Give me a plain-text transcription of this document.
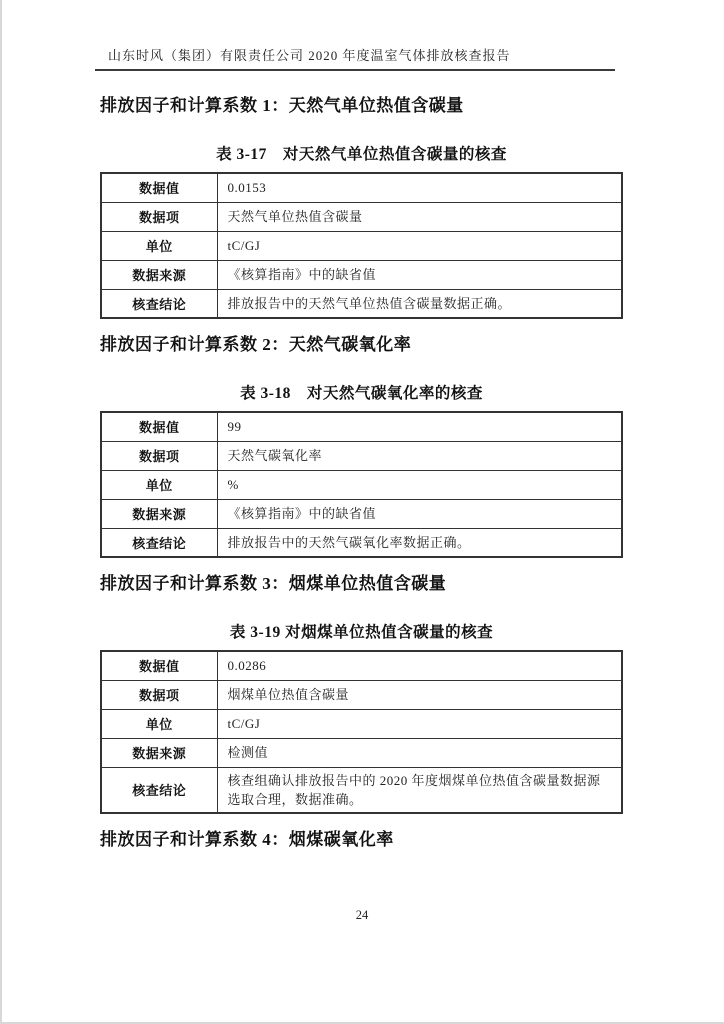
山东时风（集团）有限责任公司 2020 年度温室气体排放核查报告
排放因子和计算系数 1：天然气单位热值含碳量

表 3-17　对天然气单位热值含碳量的核查

数据值	0.0153
数据项	天然气单位热值含碳量
单位	tC/GJ
数据来源	《核算指南》中的缺省值
核查结论	排放报告中的天然气单位热值含碳量数据正确。
排放因子和计算系数 2：天然气碳氧化率

表 3-18　对天然气碳氧化率的核查

数据值	99
数据项	天然气碳氧化率
单位	%
数据来源	《核算指南》中的缺省值
核查结论	排放报告中的天然气碳氧化率数据正确。
排放因子和计算系数 3：烟煤单位热值含碳量

表 3-19 对烟煤单位热值含碳量的核查

数据值	0.0286
数据项	烟煤单位热值含碳量
单位	tC/GJ
数据来源	检测值
核查结论	核查组确认排放报告中的 2020 年度烟煤单位热值含碳量数据源选取合理，数据准确。
排放因子和计算系数 4：烟煤碳氧化率
24
